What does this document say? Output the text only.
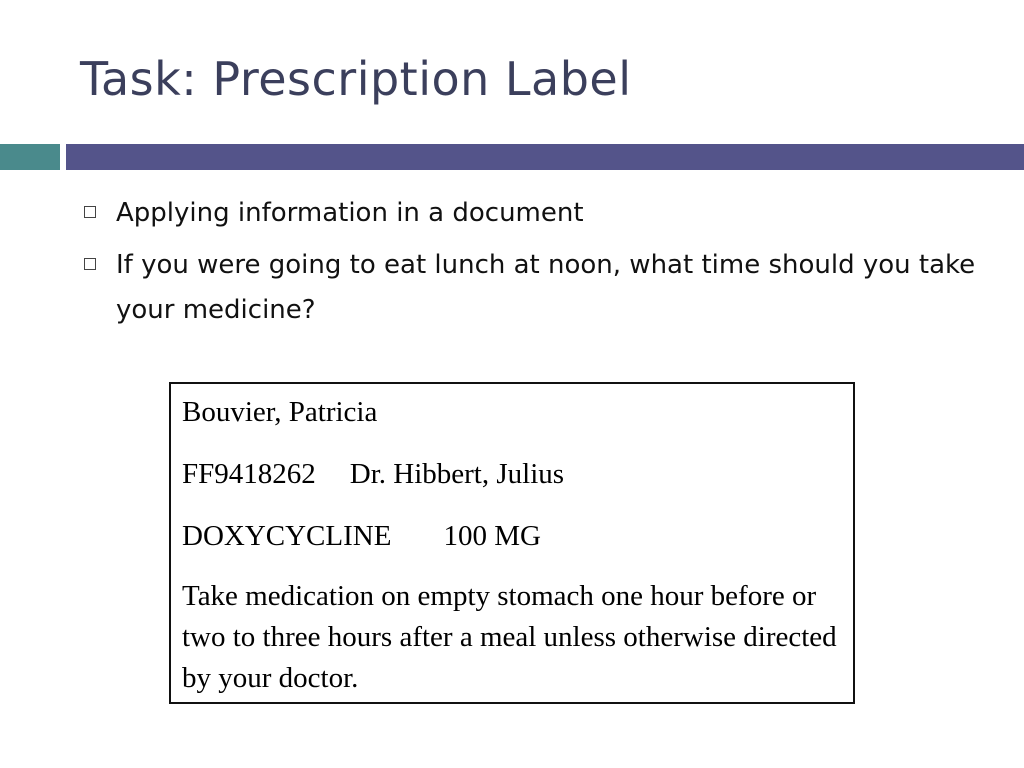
Task: Prescription Label
Applying information in a document
If you were going to eat lunch at noon, what time should you take your medicine?
Bouvier, Patricia
FF9418262 Dr. Hibbert, Julius
DOXYCYCLINE 100 MG
Take medication on empty stomach one hour before or two to three hours after a meal unless otherwise directed by your doctor.
